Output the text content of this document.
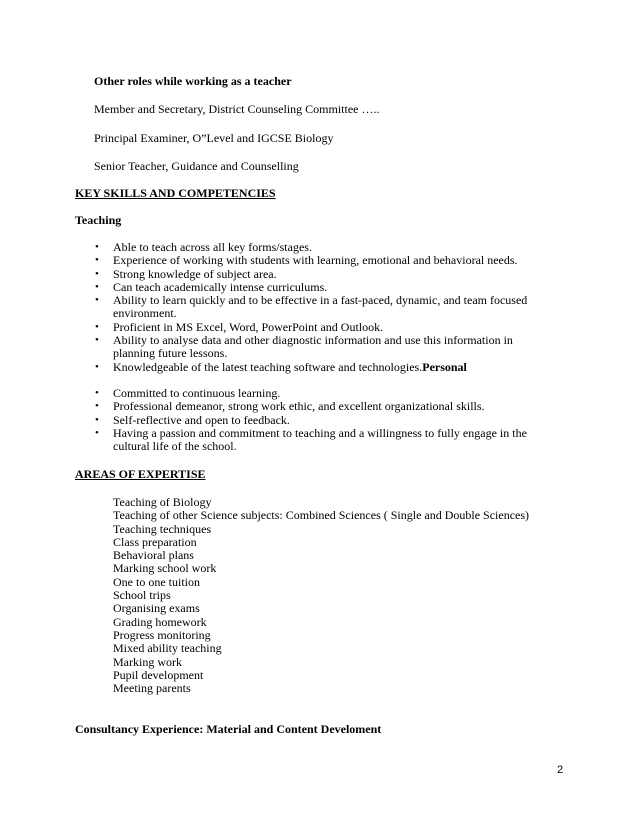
Other roles while working as a teacher
Member and Secretary, District Counseling Committee …..
Principal Examiner, O”Level and IGCSE Biology
Senior Teacher, Guidance and Counselling
KEY SKILLS AND COMPETENCIES
Teaching
• Able to teach across all key forms/stages.
• Experience of working with students with learning, emotional and behavioral needs.
• Strong knowledge of subject area.
• Can teach academically intense curriculums.
• Ability to learn quickly and to be effective in a fast-paced, dynamic, and team focused environment.
• Proficient in MS Excel, Word, PowerPoint and Outlook.
• Ability to analyse data and other diagnostic information and use this information in planning future lessons.
• Knowledgeable of the latest teaching software and technologies.Personal
• Committed to continuous learning.
• Professional demeanor, strong work ethic, and excellent organizational skills.
• Self-reflective and open to feedback.
• Having a passion and commitment to teaching and a willingness to fully engage in the cultural life of the school.
AREAS OF EXPERTISE
Teaching of Biology
Teaching of other Science subjects: Combined Sciences ( Single and Double Sciences)
Teaching techniques
Class preparation
Behavioral plans
Marking school work
One to one tuition
School trips
Organising exams
Grading homework
Progress monitoring
Mixed ability teaching
Marking work
Pupil development
Meeting parents
Consultancy Experience: Material and Content Develoment
2
